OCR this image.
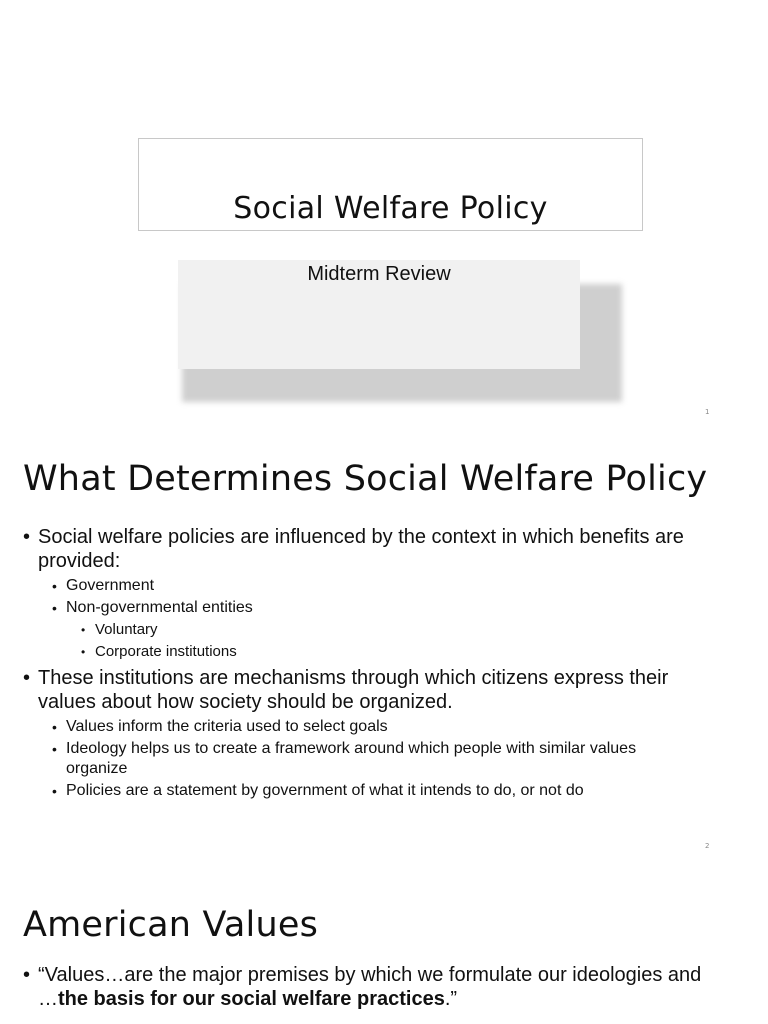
Social Welfare Policy
Midterm Review
1
What Determines Social Welfare Policy
• Social welfare policies are influenced by the context in which benefits are provided:
• Government
• Non-governmental entities
• Voluntary
• Corporate institutions
• These institutions are mechanisms through which citizens express their values about how society should be organized.
• Values inform the criteria used to select goals
• Ideology helps us to create a framework around which people with similar values organize
• Policies are a statement by government of what it intends to do, or not do
2
American Values
• “Values…are the major premises by which we formulate our ideologies and …the basis for our social welfare practices.”
